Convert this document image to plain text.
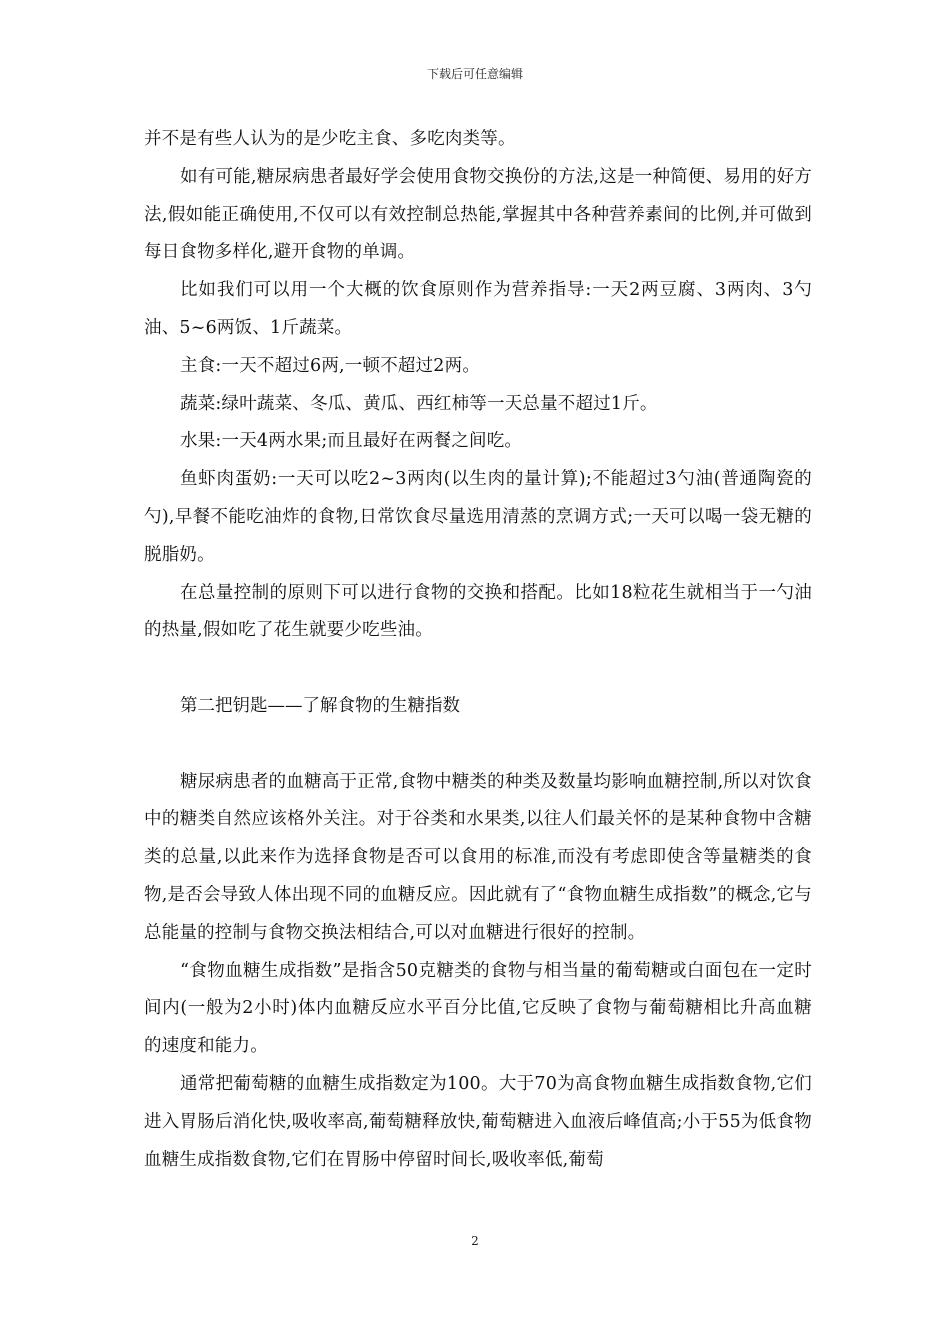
下载后可任意编辑

并不是有些人认为的是少吃主食、多吃肉类等。

如有可能,糖尿病患者最好学会使用食物交换份的方法,这是一种简便、易用的好方法,假如能正确使用,不仅可以有效控制总热能,掌握其中各种营养素间的比例,并可做到每日食物多样化,避开食物的单调。

比如我们可以用一个大概的饮食原则作为营养指导:一天2两豆腐、3两肉、3勺油、5~6两饭、1斤蔬菜。

主食:一天不超过6两,一顿不超过2两。

蔬菜:绿叶蔬菜、冬瓜、黄瓜、西红柿等一天总量不超过1斤。

水果:一天4两水果;而且最好在两餐之间吃。

鱼虾肉蛋奶:一天可以吃2~3两肉(以生肉的量计算);不能超过3勺油(普通陶瓷的勺),早餐不能吃油炸的食物,日常饮食尽量选用清蒸的烹调方式;一天可以喝一袋无糖的脱脂奶。

在总量控制的原则下可以进行食物的交换和搭配。比如18粒花生就相当于一勺油的热量,假如吃了花生就要少吃些油。

第二把钥匙——了解食物的生糖指数

糖尿病患者的血糖高于正常,食物中糖类的种类及数量均影响血糖控制,所以对饮食中的糖类自然应该格外关注。对于谷类和水果类,以往人们最关怀的是某种食物中含糖类的总量,以此来作为选择食物是否可以食用的标准,而没有考虑即使含等量糖类的食物,是否会导致人体出现不同的血糖反应。因此就有了“食物血糖生成指数”的概念,它与总能量的控制与食物交换法相结合,可以对血糖进行很好的控制。

“食物血糖生成指数”是指含50克糖类的食物与相当量的葡萄糖或白面包在一定时间内(一般为2小时)体内血糖反应水平百分比值,它反映了食物与葡萄糖相比升高血糖的速度和能力。

通常把葡萄糖的血糖生成指数定为100。大于70为高食物血糖生成指数食物,它们进入胃肠后消化快,吸收率高,葡萄糖释放快,葡萄糖进入血液后峰值高;小于55为低食物血糖生成指数食物,它们在胃肠中停留时间长,吸收率低,葡萄

2
